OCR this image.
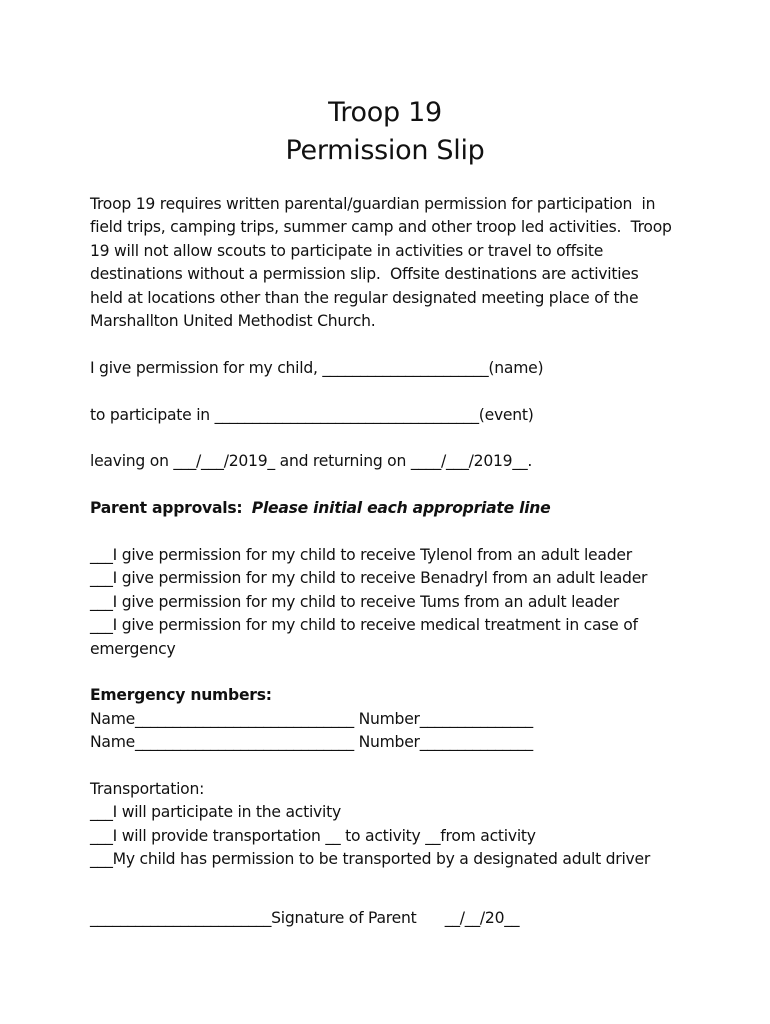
Troop 19
Permission Slip
Troop 19 requires written parental/guardian permission for participation  in
field trips, camping trips, summer camp and other troop led activities.  Troop
19 will not allow scouts to participate in activities or travel to offsite
destinations without a permission slip.  Offsite destinations are activities
held at locations other than the regular designated meeting place of the
Marshallton United Methodist Church.
I give permission for my child, ______________________(name)
to participate in ___________________________________(event)
leaving on ___/___/2019_ and returning on ____/___/2019__.
Parent approvals: Please initial each appropriate line
___I give permission for my child to receive Tylenol from an adult leader
___I give permission for my child to receive Benadryl from an adult leader
___I give permission for my child to receive Tums from an adult leader
___I give permission for my child to receive medical treatment in case of
emergency
Emergency numbers:
Name_____________________________ Number_______________
Name_____________________________ Number_______________
Transportation:
___I will participate in the activity
___I will provide transportation __ to activity __from activity
___My child has permission to be transported by a designated adult driver
________________________Signature of Parent      __/__/20__
